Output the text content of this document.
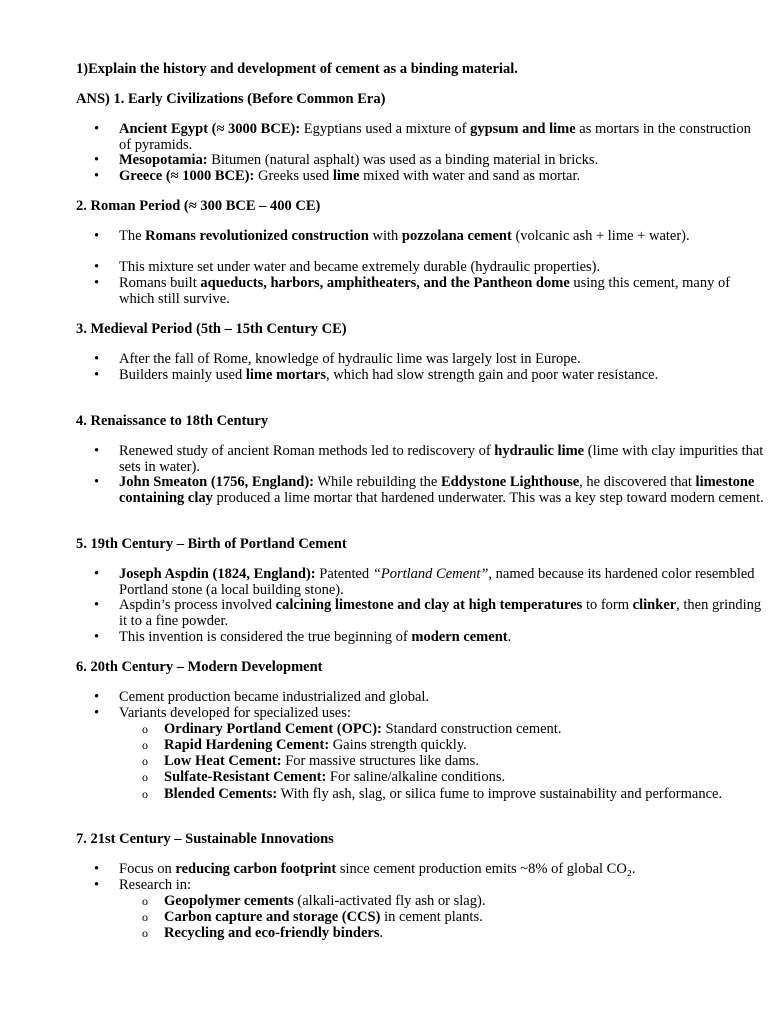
1)Explain the history and development of cement as a binding material.
ANS) 1. Early Civilizations (Before Common Era)
• Ancient Egypt (≈ 3000 BCE): Egyptians used a mixture of gypsum and lime as mortars in the construction of pyramids.
• Mesopotamia: Bitumen (natural asphalt) was used as a binding material in bricks.
• Greece (≈ 1000 BCE): Greeks used lime mixed with water and sand as mortar.
2. Roman Period (≈ 300 BCE – 400 CE)
• The Romans revolutionized construction with pozzolana cement (volcanic ash + lime + water).
• This mixture set under water and became extremely durable (hydraulic properties).
• Romans built aqueducts, harbors, amphitheaters, and the Pantheon dome using this cement, many of which still survive.
3. Medieval Period (5th – 15th Century CE)
• After the fall of Rome, knowledge of hydraulic lime was largely lost in Europe.
• Builders mainly used lime mortars, which had slow strength gain and poor water resistance.
4. Renaissance to 18th Century
• Renewed study of ancient Roman methods led to rediscovery of hydraulic lime (lime with clay impurities that sets in water).
• John Smeaton (1756, England): While rebuilding the Eddystone Lighthouse, he discovered that limestone containing clay produced a lime mortar that hardened underwater. This was a key step toward modern cement.
5. 19th Century – Birth of Portland Cement
• Joseph Aspdin (1824, England): Patented “Portland Cement”, named because its hardened color resembled Portland stone (a local building stone).
• Aspdin’s process involved calcining limestone and clay at high temperatures to form clinker, then grinding it to a fine powder.
• This invention is considered the true beginning of modern cement.
6. 20th Century – Modern Development
• Cement production became industrialized and global.
• Variants developed for specialized uses:
o Ordinary Portland Cement (OPC): Standard construction cement.
o Rapid Hardening Cement: Gains strength quickly.
o Low Heat Cement: For massive structures like dams.
o Sulfate-Resistant Cement: For saline/alkaline conditions.
o Blended Cements: With fly ash, slag, or silica fume to improve sustainability and performance.
7. 21st Century – Sustainable Innovations
• Focus on reducing carbon footprint since cement production emits ~8% of global CO₂.
• Research in:
o Geopolymer cements (alkali-activated fly ash or slag).
o Carbon capture and storage (CCS) in cement plants.
o Recycling and eco-friendly binders.
